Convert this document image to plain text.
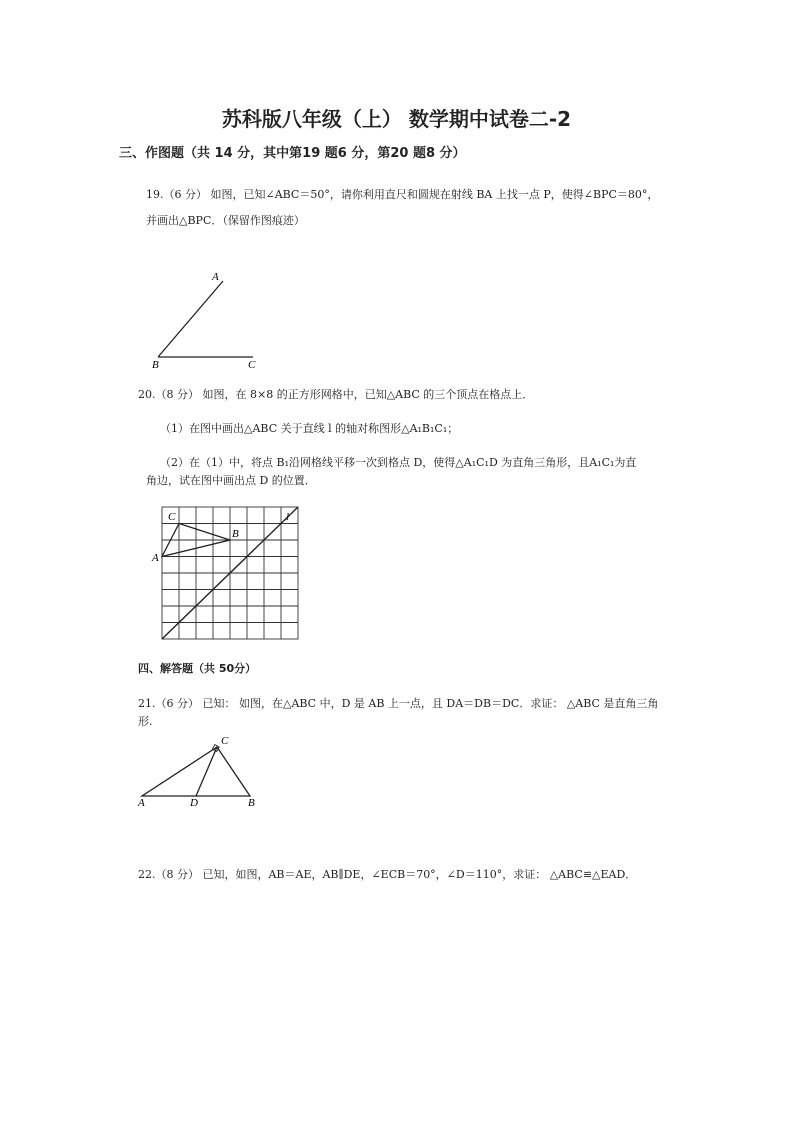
苏科版八年级（上） 数学期中试卷二-2
三、作图题（共 14 分，其中第19 题6 分，第20 题8 分）
19.（6 分） 如图，已知∠ABC＝50°，请你利用直尺和圆规在射线 BA 上找一点 P，使得∠BPC＝80°，
并画出△BPC．（保留作图痕迹）
A
B	C
20.（8 分） 如图，在 8×8 的正方形网格中，已知△ABC 的三个顶点在格点上．
（1）在图中画出△ABC 关于直线 l 的轴对称图形△A₁B₁C₁；
（2）在（1）中，将点 B₁沿网格线平移一次到格点 D，使得△A₁C₁D 为直角三角形，且A₁C₁为直
角边，试在图中画出点 D 的位置．
C
B
A
l
四、解答题（共 50分）
21.（6 分） 已知： 如图，在△ABC 中，D 是 AB 上一点，且 DA＝DB＝DC．求证： △ABC 是直角三角
形.
A	D	B
C
22.（8 分） 已知，如图，AB＝AE，AB∥DE，∠ECB＝70°，∠D＝110°，求证： △ABC≌△EAD．
